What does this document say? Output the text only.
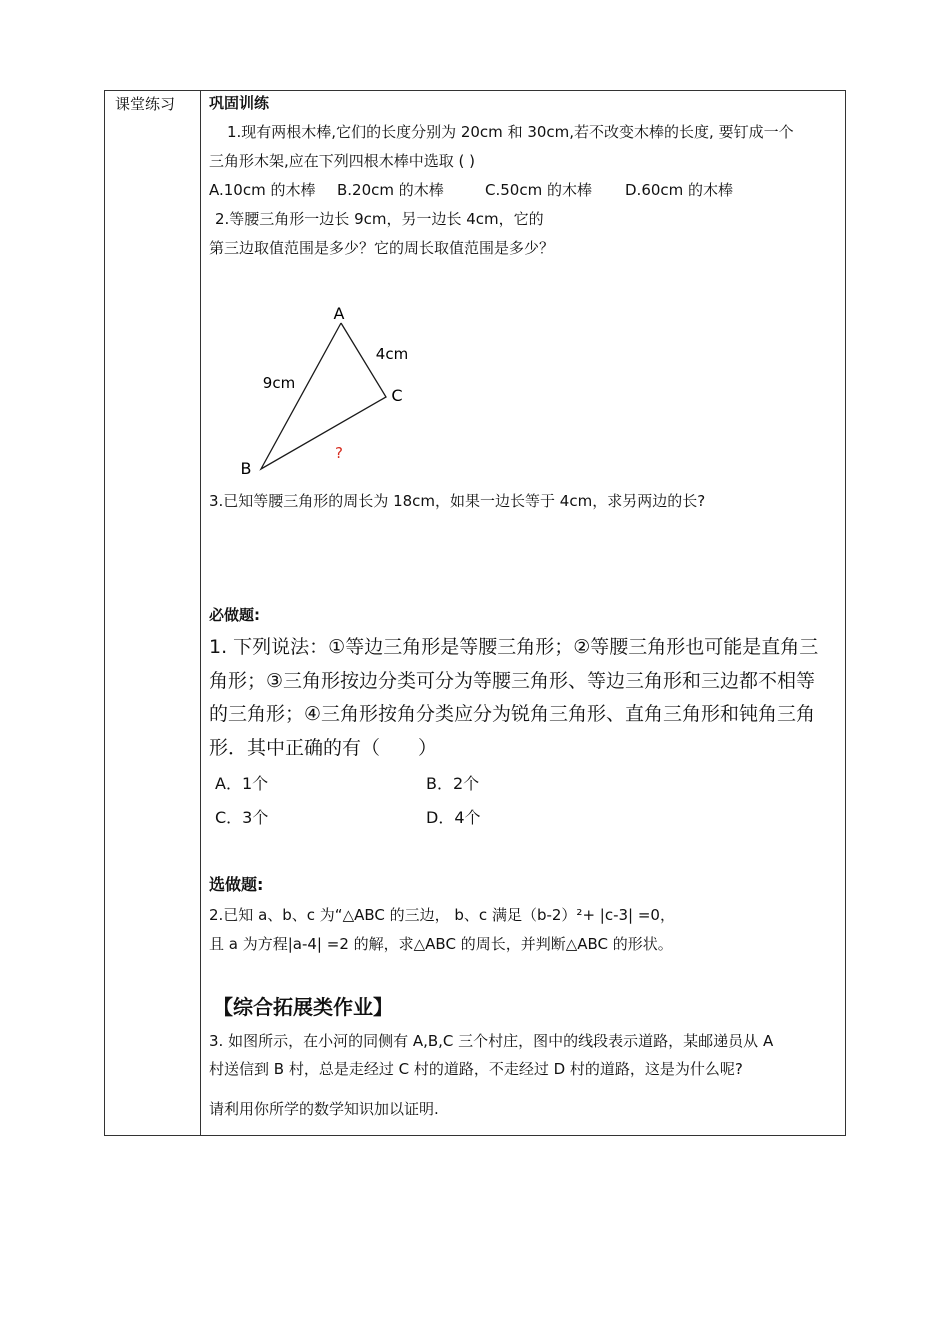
课堂练习 巩固训练
1.现有两根木棒,它们的长度分别为 20cm 和 30cm,若不改变木棒的长度, 要钉成一个
三角形木架,应在下列四根木棒中选取 ( )
A.10cm 的木棒 B.20cm 的木棒	C.50cm 的木棒 D.60cm 的木棒
2.等腰三角形一边长 9cm，另一边长 4cm，它的
第三边取值范围是多少？它的周长取值范围是多少？
A
B
C
9cm
4cm
?
3.已知等腰三角形的周长为 18cm，如果一边长等于 4cm，求另两边的长?
必做题:
1. 下列说法：①等边三角形是等腰三角形；②等腰三角形也可能是直角三角形；③三角形按边分类可分为等腰三角形、等边三角形和三边都不相等的三角形；④三角形按角分类应分为锐角三角形、直角三角形和钝角三角形．其中正确的有（　　）
A．1个	B．2个
C．3个	D．4个
选做题:
2.已知 a、b、c 为“△ABC 的三边， b、c 满足（b-2）²+ |c-3| =0，
且 a 为方程|a-4| =2 的解，求△ABC 的周长，并判断△ABC 的形状。
【综合拓展类作业】
3. 如图所示，在小河的同侧有 A,B,C 三个村庄，图中的线段表示道路，某邮递员从 A
村送信到 B 村，总是走经过 C 村的道路，不走经过 D 村的道路，这是为什么呢?
请利用你所学的数学知识加以证明.
